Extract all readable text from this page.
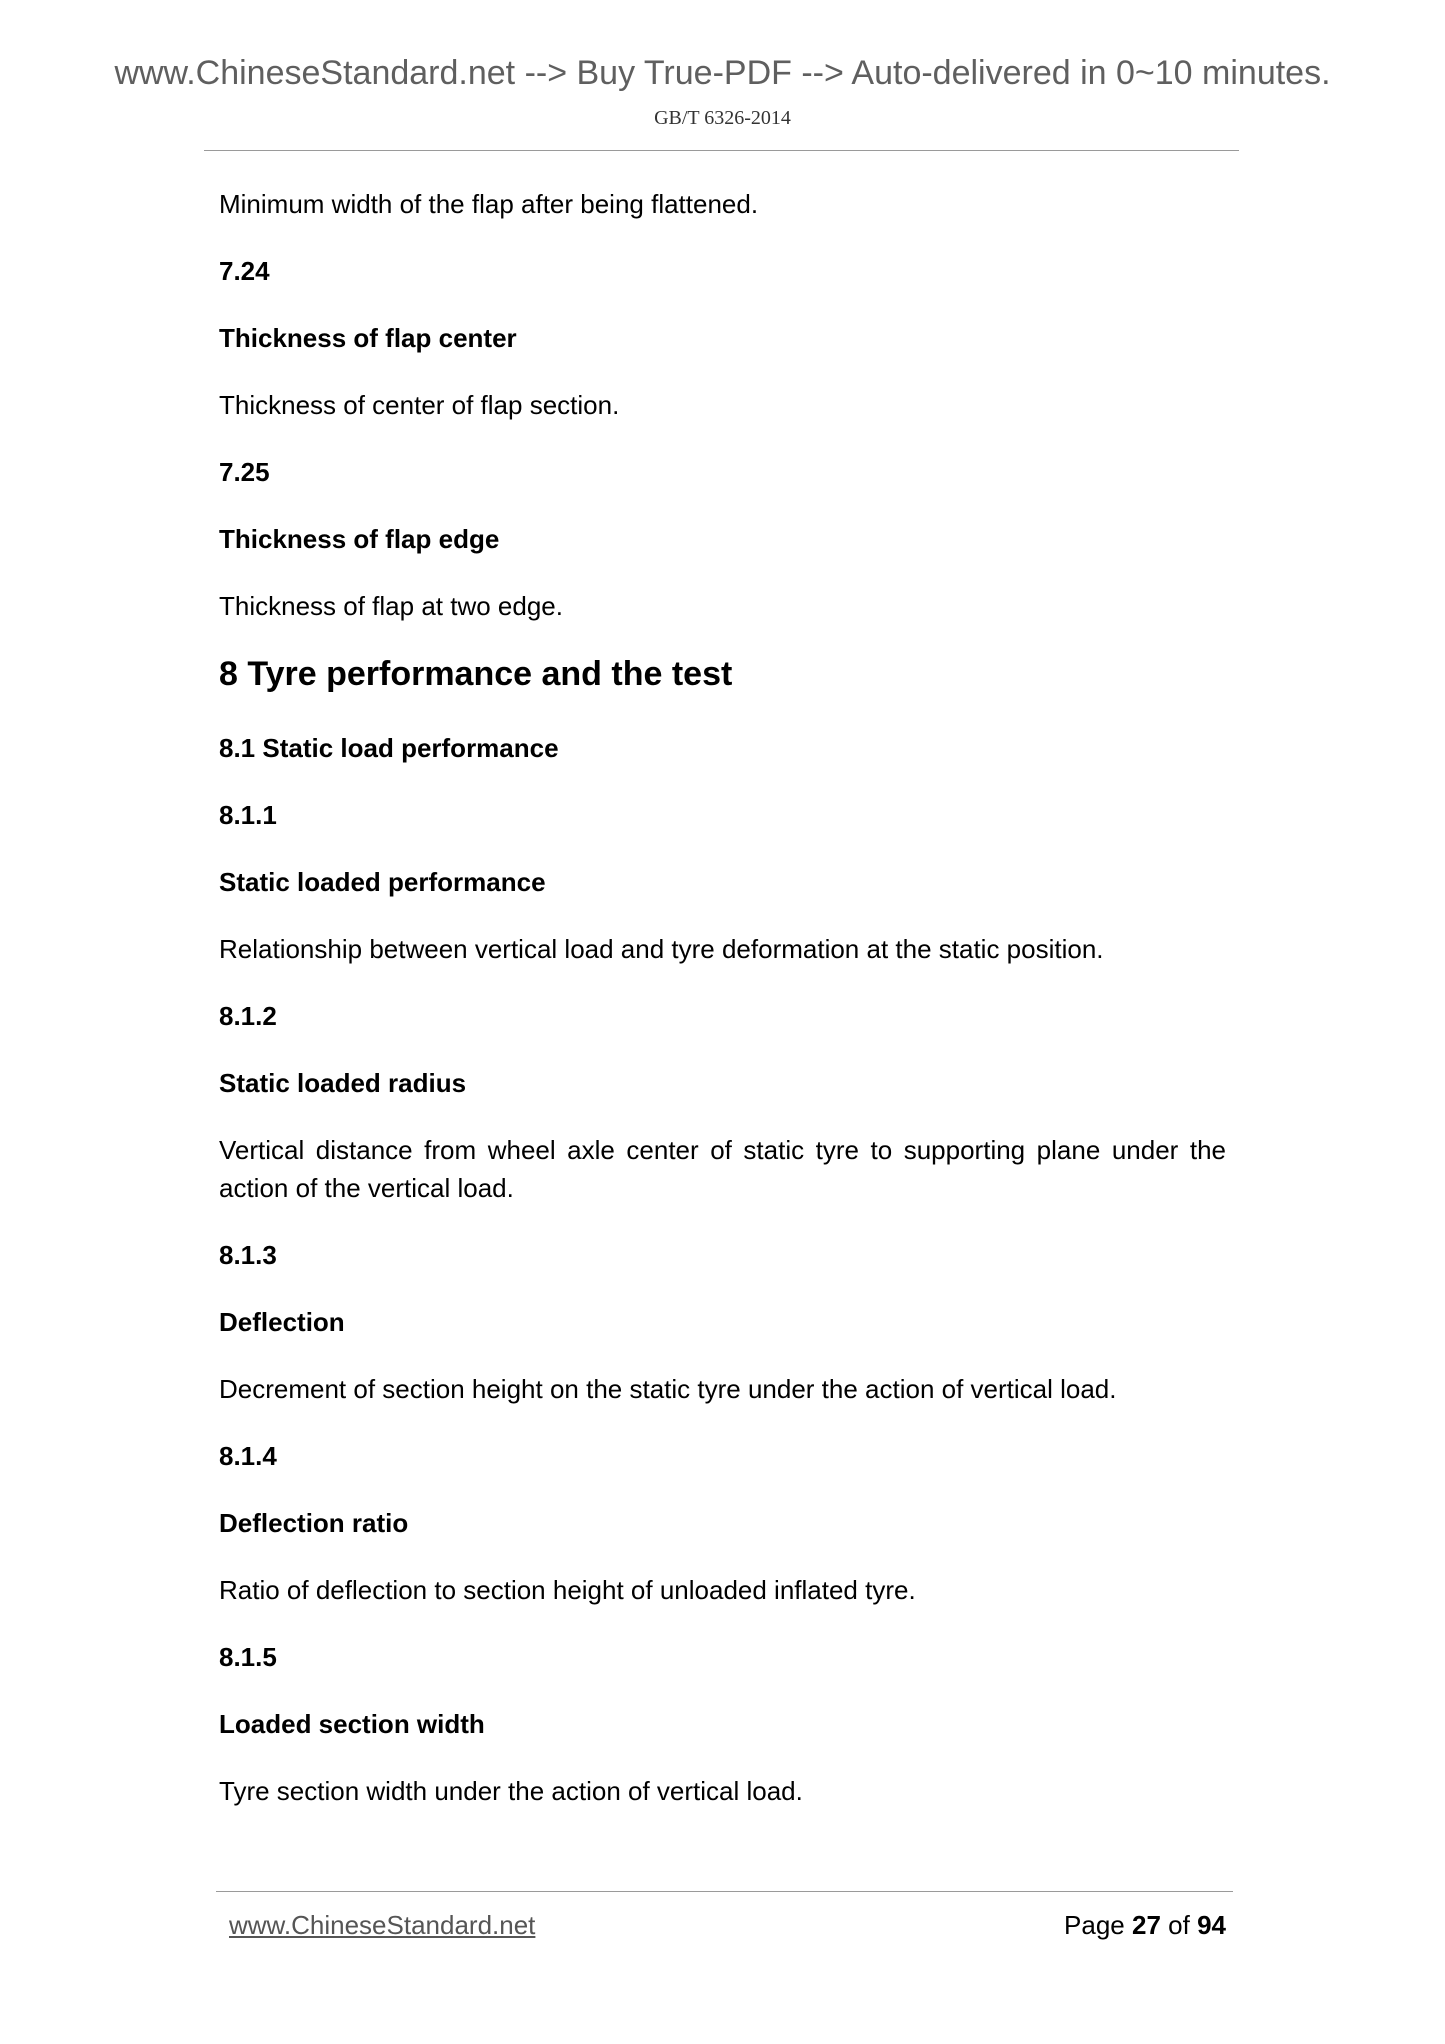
www.ChineseStandard.net --> Buy True-PDF --> Auto-delivered in 0~10 minutes.
GB/T 6326-2014
Minimum width of the flap after being flattened.
7.24
Thickness of flap center
Thickness of center of flap section.
7.25
Thickness of flap edge
Thickness of flap at two edge.
8 Tyre performance and the test
8.1 Static load performance
8.1.1
Static loaded performance
Relationship between vertical load and tyre deformation at the static position.
8.1.2
Static loaded radius
Vertical distance from wheel axle center of static tyre to supporting plane under the action of the vertical load.
8.1.3
Deflection
Decrement of section height on the static tyre under the action of vertical load.
8.1.4
Deflection ratio
Ratio of deflection to section height of unloaded inflated tyre.
8.1.5
Loaded section width
Tyre section width under the action of vertical load.
www.ChineseStandard.net	Page 27 of 94
